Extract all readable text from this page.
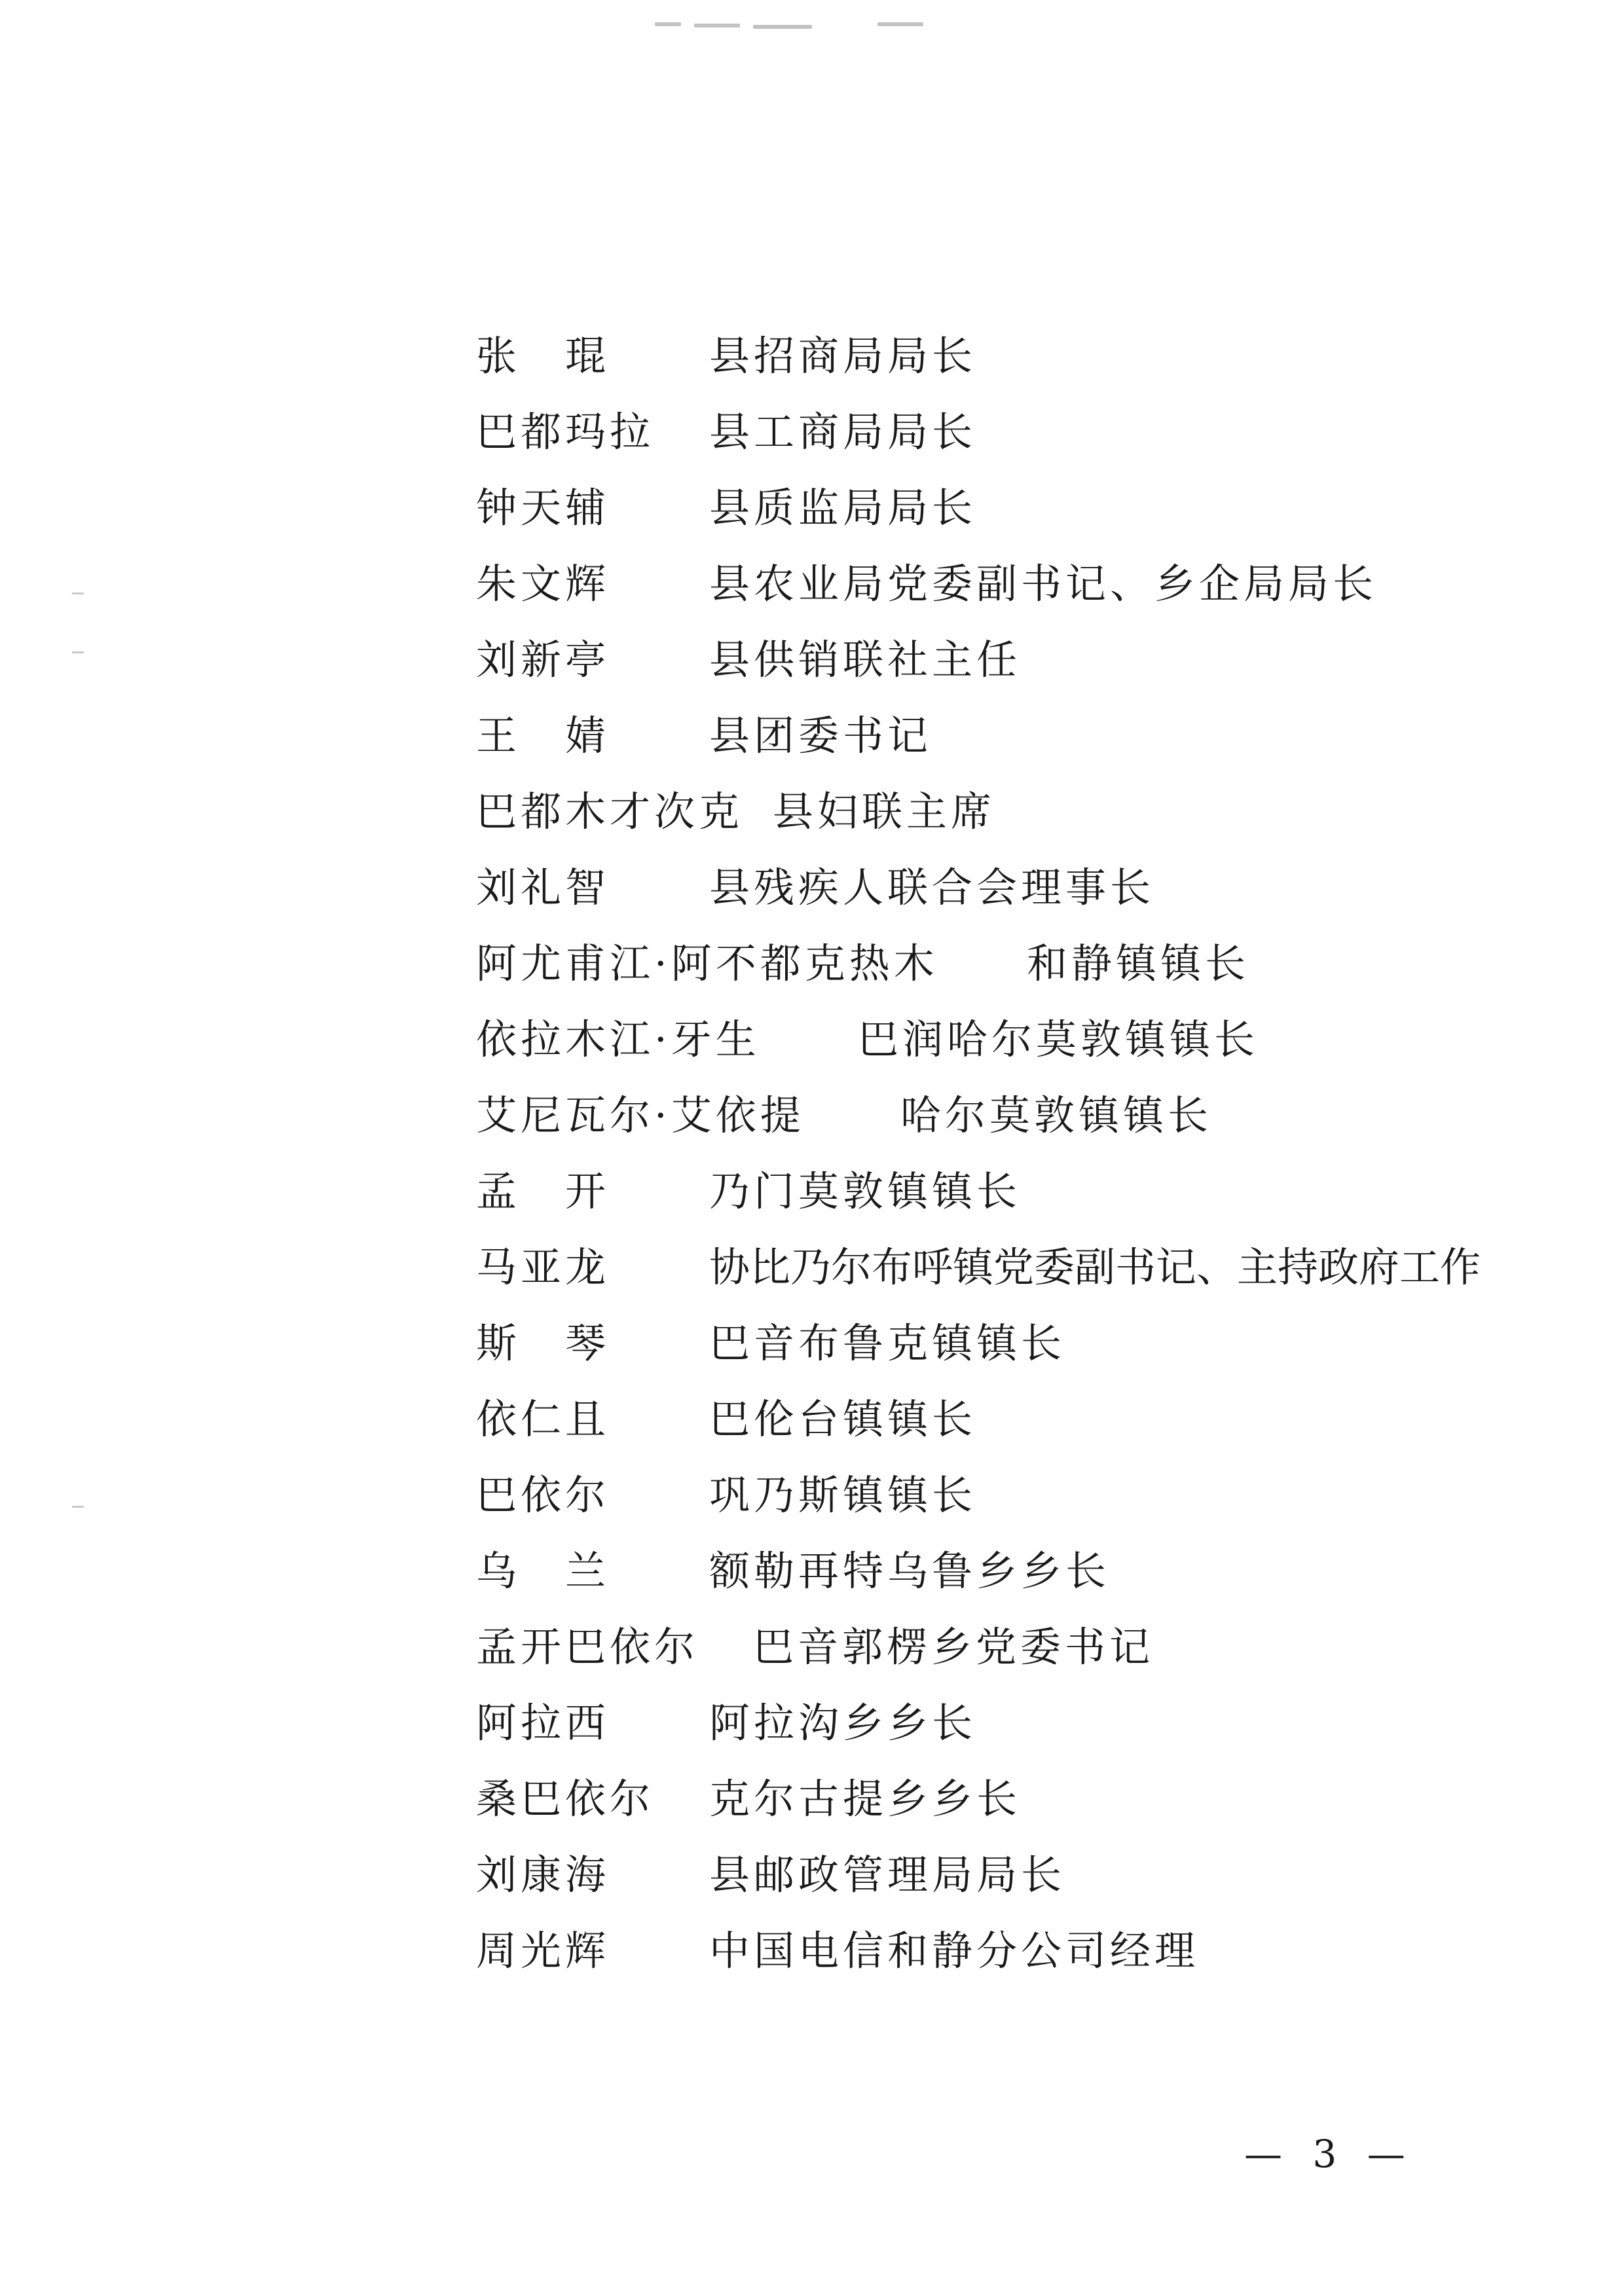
张　琨 县招商局局长
巴都玛拉 县工商局局长
钟天辅 县质监局局长
朱文辉 县农业局党委副书记、乡企局局长
刘新亭 县供销联社主任
王　婧 县团委书记
巴都木才次克 县妇联主席
刘礼智 县残疾人联合会理事长
阿尤甫江·阿不都克热木 和静镇镇长
依拉木江·牙生 巴润哈尔莫敦镇镇长
艾尼瓦尔·艾依提 哈尔莫敦镇镇长
孟　开 乃门莫敦镇镇长
马亚龙 协比乃尔布呼镇党委副书记、主持政府工作
斯　琴 巴音布鲁克镇镇长
依仁且 巴伦台镇镇长
巴依尔 巩乃斯镇镇长
乌　兰 额勒再特乌鲁乡乡长
孟开巴依尔 巴音郭楞乡党委书记
阿拉西 阿拉沟乡乡长
桑巴依尔 克尔古提乡乡长
刘康海 县邮政管理局局长
周光辉 中国电信和静分公司经理
— 3 —
